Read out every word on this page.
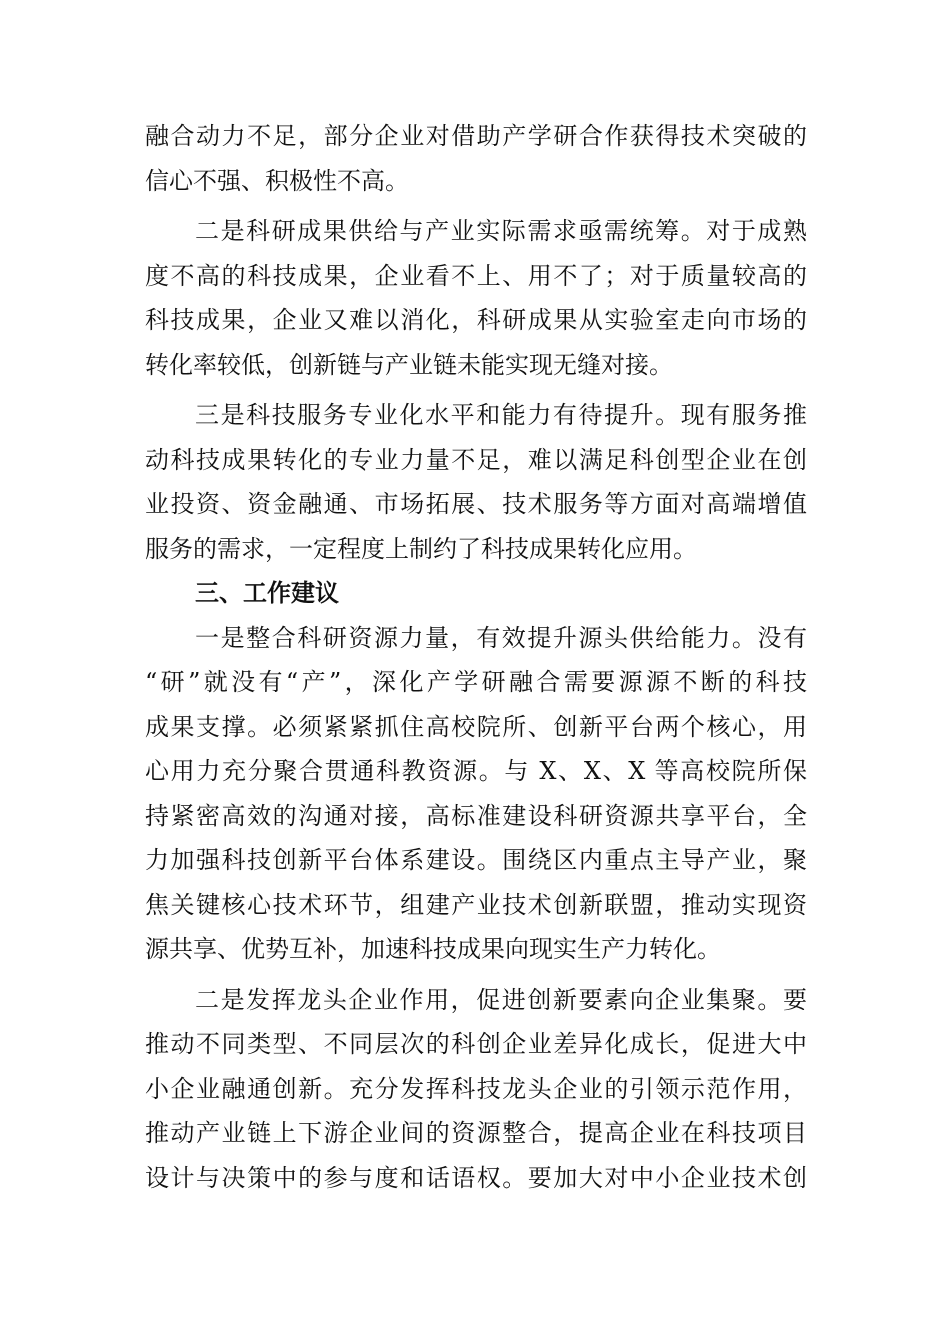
融合动力不足，部分企业对借助产学研合作获得技术突破的
信心不强、积极性不高。
二是科研成果供给与产业实际需求亟需统筹。对于成熟
度不高的科技成果，企业看不上、用不了；对于质量较高的
科技成果，企业又难以消化，科研成果从实验室走向市场的
转化率较低，创新链与产业链未能实现无缝对接。
三是科技服务专业化水平和能力有待提升。现有服务推
动科技成果转化的专业力量不足，难以满足科创型企业在创
业投资、资金融通、市场拓展、技术服务等方面对高端增值
服务的需求，一定程度上制约了科技成果转化应用。
三、工作建议
一是整合科研资源力量，有效提升源头供给能力。没有
“研”就没有“产”，深化产学研融合需要源源不断的科技
成果支撑。必须紧紧抓住高校院所、创新平台两个核心，用
心用力充分聚合贯通科教资源。与 X、X、X 等高校院所保
持紧密高效的沟通对接，高标准建设科研资源共享平台，全
力加强科技创新平台体系建设。围绕区内重点主导产业，聚
焦关键核心技术环节，组建产业技术创新联盟，推动实现资
源共享、优势互补，加速科技成果向现实生产力转化。
二是发挥龙头企业作用，促进创新要素向企业集聚。要
推动不同类型、不同层次的科创企业差异化成长，促进大中
小企业融通创新。充分发挥科技龙头企业的引领示范作用，
推动产业链上下游企业间的资源整合，提高企业在科技项目
设计与决策中的参与度和话语权。要加大对中小企业技术创
